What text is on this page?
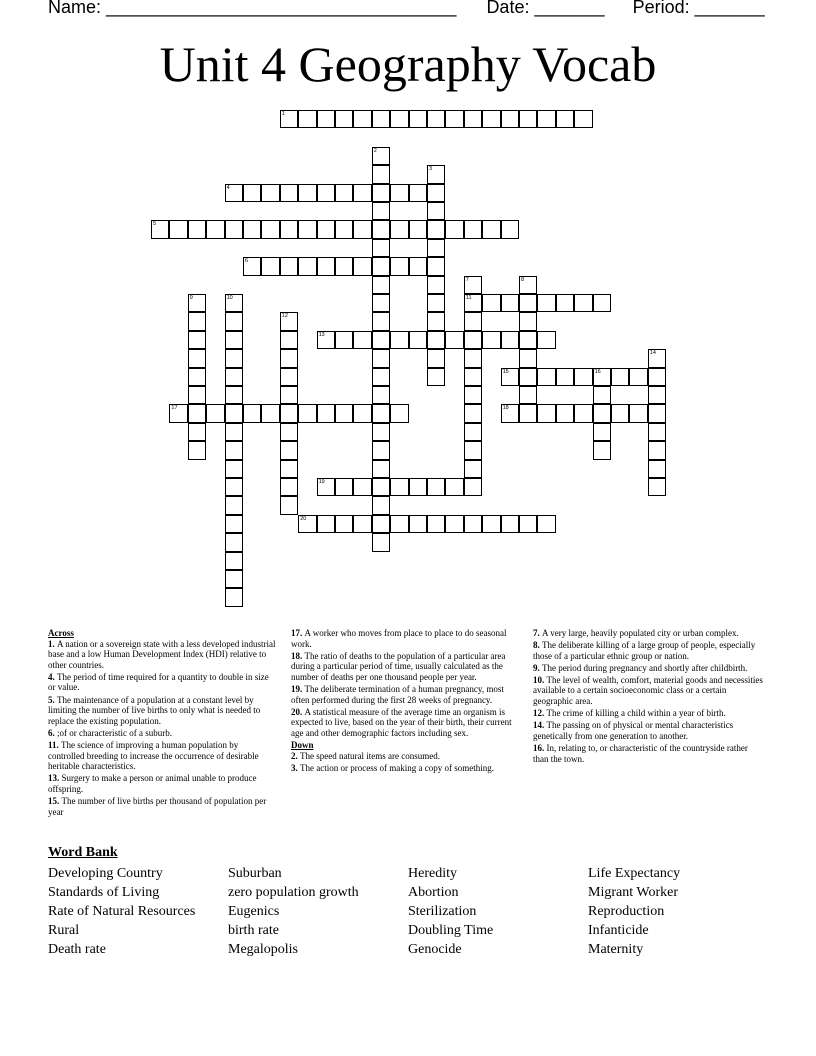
Name: ___________________________________ Date: _______ Period: _______
Unit 4 Geography Vocab
1
2
3
4
5
6
7
11
8
9	10
12
13
14
15	16
17	18
19
20
Across
1. A nation or a sovereign state with a less developed industrial base and a low Human Development Index (HDI) relative to other countries.
4. The period of time required for a quantity to double in size or value.
5. The maintenance of a population at a constant level by limiting the number of live births to only what is needed to replace the existing population.
6. ;of or characteristic of a suburb.
11. The science of improving a human population by controlled breeding to increase the occurrence of desirable heritable characteristics.
13. Surgery to make a person or animal unable to produce offspring.
15. The number of live births per thousand of population per year
17. A worker who moves from place to place to do seasonal work.
18. The ratio of deaths to the population of a particular area during a particular period of time, usually calculated as the number of deaths per one thousand people per year.
19. The deliberate termination of a human pregnancy, most often performed during the first 28 weeks of pregnancy.
20. A statistical measure of the average time an organism is expected to live, based on the year of their birth, their current age and other demographic factors including sex.
Down
2. The speed natural items are consumed.
3. The action or process of making a copy of something.
7. A very large, heavily populated city or urban complex.
8. The deliberate killing of a large group of people, especially those of a particular ethnic group or nation.
9. The period during pregnancy and shortly after childbirth.
10. The level of wealth, comfort, material goods and necessities available to a certain socioeconomic class or a certain geographic area.
12. The crime of killing a child within a year of birth.
14. The passing on of physical or mental characteristics genetically from one generation to another.
16. In, relating to, or characteristic of the countryside rather than the town.
Word Bank
Developing Country
Standards of Living
Rate of Natural Resources
Rural
Death rate
Suburban
zero population growth
Eugenics
birth rate
Megalopolis
Heredity
Abortion
Sterilization
Doubling Time
Genocide
Life Expectancy
Migrant Worker
Reproduction
Infanticide
Maternity
